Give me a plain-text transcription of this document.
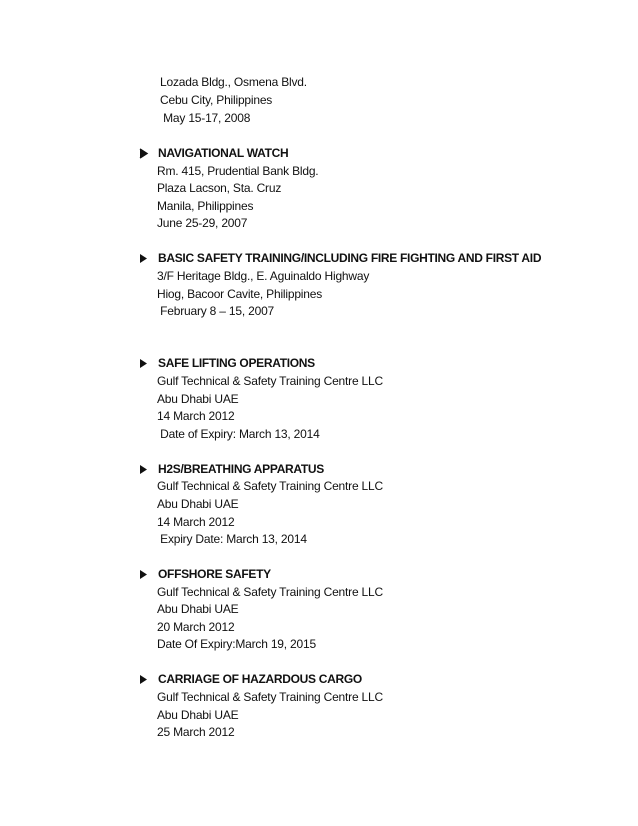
Lozada Bldg., Osmena Blvd.
Cebu City, Philippines
May 15-17, 2008
NAVIGATIONAL WATCH
Rm. 415, Prudential Bank Bldg.
Plaza Lacson, Sta. Cruz
Manila, Philippines
June 25-29, 2007
BASIC SAFETY TRAINING/INCLUDING FIRE FIGHTING AND FIRST AID
3/F Heritage Bldg., E. Aguinaldo Highway
Hiog, Bacoor Cavite, Philippines
February 8 – 15, 2007
SAFE LIFTING OPERATIONS
Gulf Technical & Safety Training Centre LLC
Abu Dhabi UAE
14 March 2012
Date of Expiry: March 13, 2014
H2S/BREATHING APPARATUS
Gulf Technical & Safety Training Centre LLC
Abu Dhabi UAE
14 March 2012
Expiry Date: March 13, 2014
OFFSHORE SAFETY
Gulf Technical & Safety Training Centre LLC
Abu Dhabi UAE
20 March 2012
Date Of Expiry:March 19, 2015
CARRIAGE OF HAZARDOUS CARGO
Gulf Technical & Safety Training Centre LLC
Abu Dhabi UAE
25 March 2012
